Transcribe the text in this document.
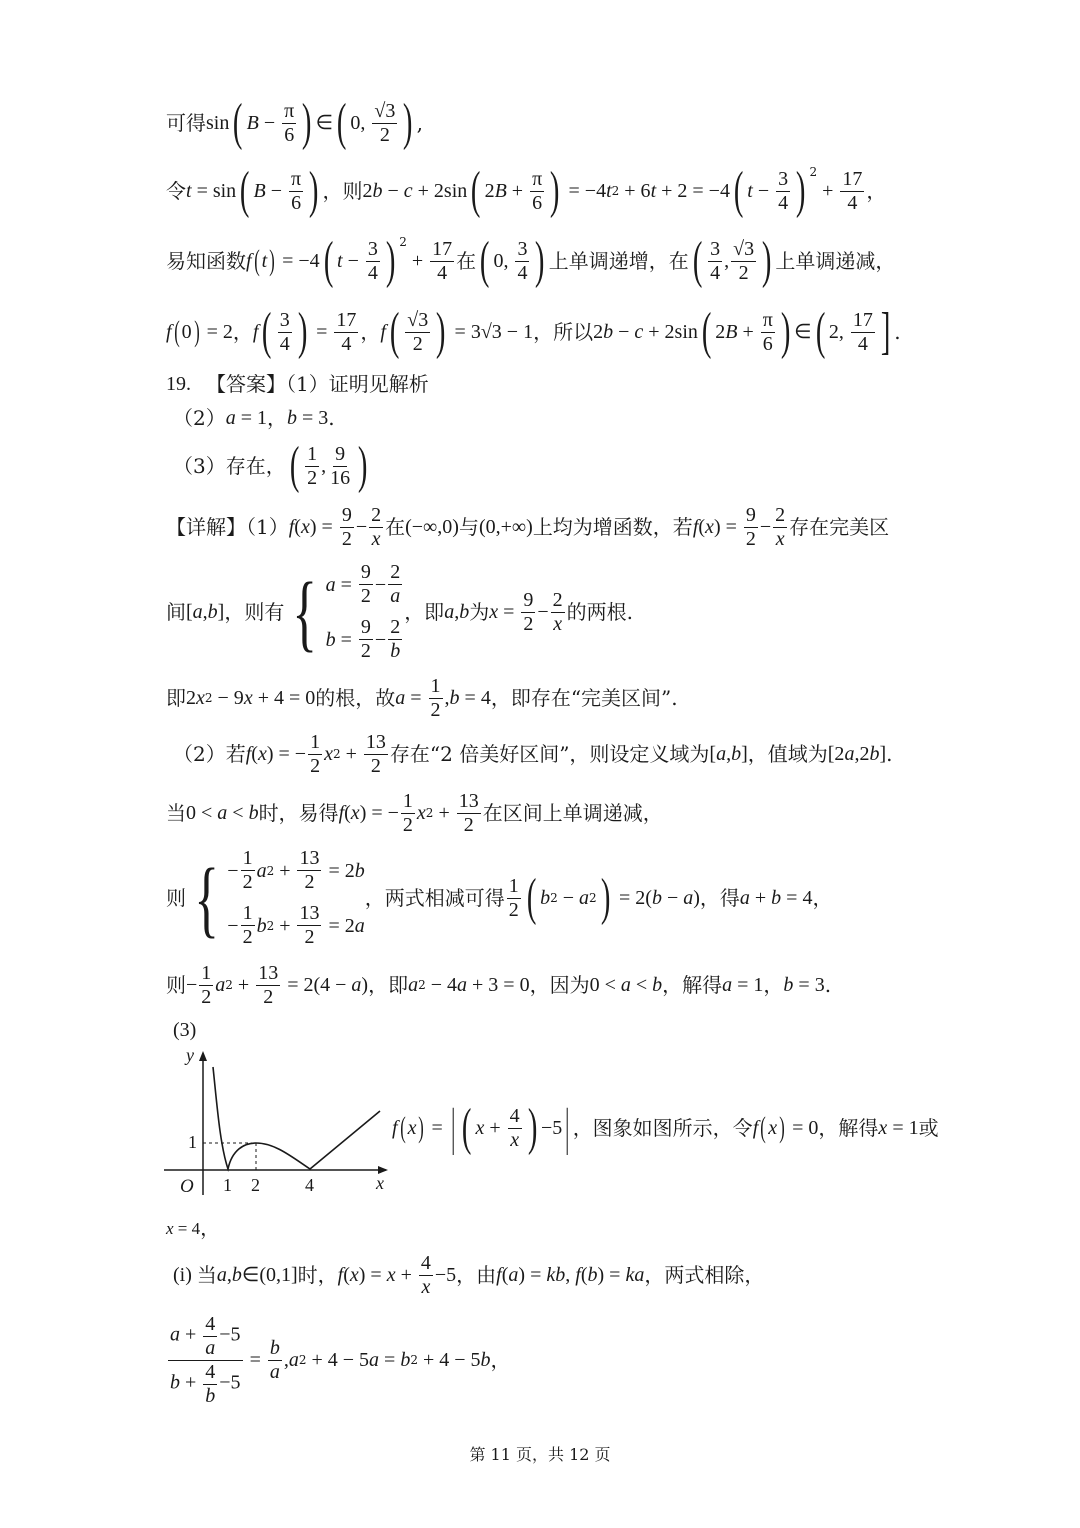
可得 sin ( $B - \frac{\pi}{6}$ ) ∈ ( 0, $\frac{√3}{2}$ ) ,
令 t = sin ( $B - \frac{\pi}{6}$ ) ，则 2 b − c + 2sin ( 2 $B + \frac{\pi}{6}$ ) = −4 t 2 + 6 t + 2 = −4 ( $t - \frac{3}{4}$ ) $^2$
+ $\frac{17}{4}$ ，
易知函数 f ( t ) = −4 ( $t - \frac{3}{4}$ ) $^2$
+ $\frac{17}{4}$ 在 ( 0, $\frac{3}{4}$ ) 上单调递增，在 ( $\frac{3}{4}$ , $\frac{√3}{2}$ ) 上单调递减，
f ( 0 ) = 2 ， f ( $\frac{3}{4}$ ) = $\frac{17}{4}$ ， f ( $\frac{√3}{2}$ ) = 3√3 − 1 ，所以 2 b − c + 2sin ( 2 $B + \frac{\pi}{6}$ ) ∈ ( 2, $\frac{17}{4}$ ] .
19. 【答案】（1）证明见解析
（2） a = 1 ， b = 3 .
（3）存在， ( $\frac{1}{2}$ , $\frac{9}{16}$ )
【详解】（1） f ( x ) = $\frac{9}{2} - \frac{2}{x}$ 在 (−∞,0) 与 (0,+∞) 上均为增函数，若 f ( x ) = $\frac{9}{2} - \frac{2}{x}$ 存在完美区
间 [ a , b ] ，则有 { $a = \frac{9}{2} - \frac{2}{a}$
$b = \frac{9}{2} - \frac{2}{b}$
，即 a , b 为 $x = \frac{9}{2} - \frac{2}{x}$ 的两根.
即 2 x 2 − 9 x + 4 = 0 的根，故 $a = \frac{1}{2}$ , b = 4 ，即存在“完美区间”.
（2）若 f ( x ) = − $\frac{1}{2}$ x $2 + \frac{13}{2}$ 存在“2 倍美好区间”，则设定义域为 [ a , b ] ，值域为 [2 a ,2 b ] .
当 0 < a < b 时，易得 f ( x ) = − $\frac{1}{2}$ x $2 + \frac{13}{2}$ 在区间上单调递减，
则 { − $\frac{1}{2}$ a $2 + \frac{13}{2} = 2$ b
− $\frac{1}{2}$ b $2 + \frac{13}{2} = 2$ a
，两式相减可得 $\frac{1}{2}$ ( b 2 − a 2 ) = 2( b − a ) ，得 a + b = 4 ，
则 − $\frac{1}{2}$ a $2 + \frac{13}{2} = 2(4 - a$ ) ，即 a 2 − 4 a + 3 = 0 ，因为 0 < a < b ，解得 a = 1 ， b = 3 .
(3)
y
1
O 1 2	4	x
f ( x ) = | ( $x + \frac{4}{x}$ ) −5 | ，图象如图所示，令 f ( x ) = 0 ，解得 x = 1 或
x = 4 ，
(i) 当 a , b ∈(0,1] 时， f ( x ) = $x + \frac{4}{x} -5$ ，由 f ( a ) = kb , f ( b ) = ka ，两式相除，
$\frac{a + \frac{4}{a} -5}{b + \frac{4}{b} -5} = \frac{b}{a}$ , a 2 + 4 − 5 a = b 2 + 4 − 5 b ，
第 11 页，共 12 页
